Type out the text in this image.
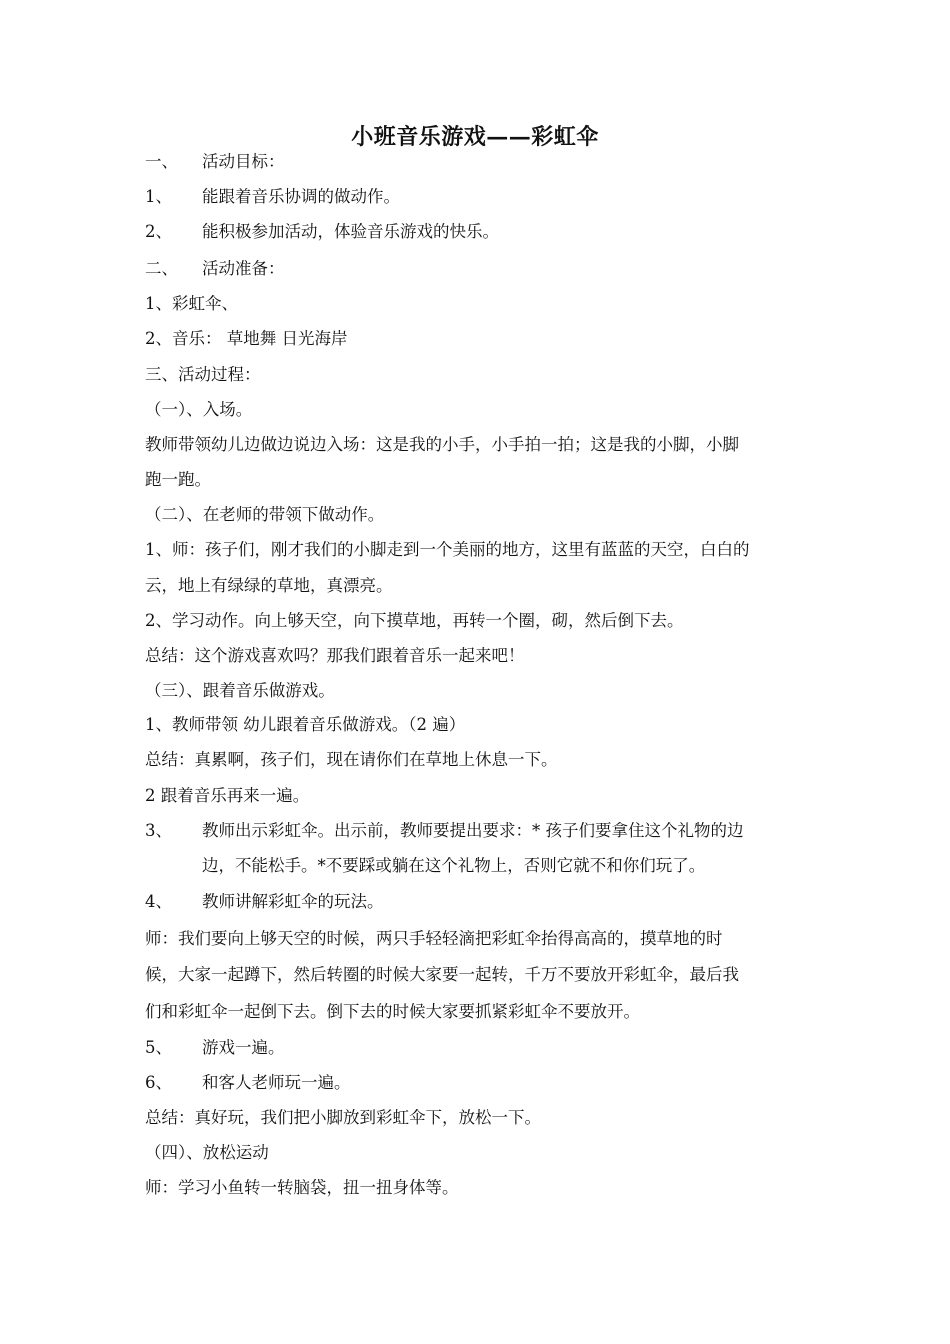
小班音乐游戏——彩虹伞
一、 活动目标：
1、 能跟着音乐协调的做动作。
2、 能积极参加活动，体验音乐游戏的快乐。
二、 活动准备：
1、彩虹伞、
2、音乐： 草地舞 日光海岸
三、活动过程：
（一）、入场。
教师带领幼儿边做边说边入场：这是我的小手，小手拍一拍；这是我的小脚，小脚
跑一跑。
（二）、在老师的带领下做动作。
1、师：孩子们，刚才我们的小脚走到一个美丽的地方，这里有蓝蓝的天空，白白的
云，地上有绿绿的草地，真漂亮。
2、学习动作。向上够天空，向下摸草地，再转一个圈，砌，然后倒下去。
总结：这个游戏喜欢吗？那我们跟着音乐一起来吧！
（三）、跟着音乐做游戏。
1、教师带领 幼儿跟着音乐做游戏。（2 遍）
总结：真累啊，孩子们，现在请你们在草地上休息一下。
2 跟着音乐再来一遍。
3、 教师出示彩虹伞。出示前，教师要提出要求：* 孩子们要拿住这个礼物的边
边，不能松手。*不要踩或躺在这个礼物上，否则它就不和你们玩了。
4、 教师讲解彩虹伞的玩法。
师：我们要向上够天空的时候，两只手轻轻滴把彩虹伞抬得高高的，摸草地的时
候，大家一起蹲下，然后转圈的时候大家要一起转，千万不要放开彩虹伞，最后我
们和彩虹伞一起倒下去。倒下去的时候大家要抓紧彩虹伞不要放开。
5、 游戏一遍。
6、 和客人老师玩一遍。
总结：真好玩，我们把小脚放到彩虹伞下，放松一下。
（四）、放松运动
师：学习小鱼转一转脑袋，扭一扭身体等。
